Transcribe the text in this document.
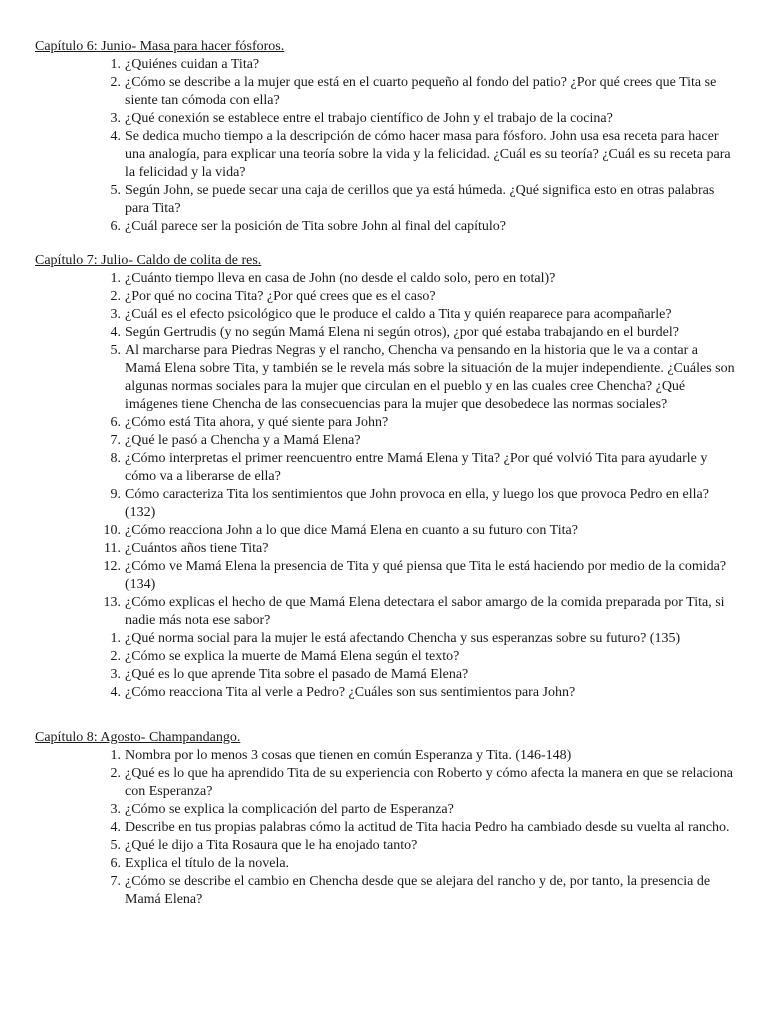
Capítulo 6: Junio- Masa para hacer fósforos.
1. ¿Quiénes cuidan a Tita?
2. ¿Cómo se describe a la mujer que está en el cuarto pequeño al fondo del patio? ¿Por qué crees que Tita se siente tan cómoda con ella?
3. ¿Qué conexión se establece entre el trabajo científico de John y el trabajo de la cocina?
4. Se dedica mucho tiempo a la descripción de cómo hacer masa para fósforo. John usa esa receta para hacer una analogía, para explicar una teoría sobre la vida y la felicidad. ¿Cuál es su teoría? ¿Cuál es su receta para la felicidad y la vida?
5. Según John, se puede secar una caja de cerillos que ya está húmeda. ¿Qué significa esto en otras palabras para Tita?
6. ¿Cuál parece ser la posición de Tita sobre John al final del capítulo?
Capítulo 7: Julio- Caldo de colita de res.
1. ¿Cuánto tiempo lleva en casa de John (no desde el caldo solo, pero en total)?
2. ¿Por qué no cocina Tita? ¿Por qué crees que es el caso?
3. ¿Cuál es el efecto psicológico que le produce el caldo a Tita y quién reaparece para acompañarle?
4. Según Gertrudis (y no según Mamá Elena ni según otros), ¿por qué estaba trabajando en el burdel?
5. Al marcharse para Piedras Negras y el rancho, Chencha va pensando en la historia que le va a contar a Mamá Elena sobre Tita, y también se le revela más sobre la situación de la mujer independiente. ¿Cuáles son algunas normas sociales para la mujer que circulan en el pueblo y en las cuales cree Chencha? ¿Qué imágenes tiene Chencha de las consecuencias para la mujer que desobedece las normas sociales?
6. ¿Cómo está Tita ahora, y qué siente para John?
7. ¿Qué le pasó a Chencha y a Mamá Elena?
8. ¿Cómo interpretas el primer reencuentro entre Mamá Elena y Tita? ¿Por qué volvió Tita para ayudarle y cómo va a liberarse de ella?
9. Cómo caracteriza Tita los sentimientos que John provoca en ella, y luego los que provoca Pedro en ella? (132)
10. ¿Cómo reacciona John a lo que dice Mamá Elena en cuanto a su futuro con Tita?
11. ¿Cuántos años tiene Tita?
12. ¿Cómo ve Mamá Elena la presencia de Tita y qué piensa que Tita le está haciendo por medio de la comida? (134)
13. ¿Cómo explicas el hecho de que Mamá Elena detectara el sabor amargo de la comida preparada por Tita, si nadie más nota ese sabor?
1. ¿Qué norma social para la mujer le está afectando Chencha y sus esperanzas sobre su futuro? (135)
2. ¿Cómo se explica la muerte de Mamá Elena según el texto?
3. ¿Qué es lo que aprende Tita sobre el pasado de Mamá Elena?
4. ¿Cómo reacciona Tita al verle a Pedro? ¿Cuáles son sus sentimientos para John?
Capítulo 8: Agosto- Champandango.
1. Nombra por lo menos 3 cosas que tienen en común Esperanza y Tita. (146-148)
2. ¿Qué es lo que ha aprendido Tita de su experiencia con Roberto y cómo afecta la manera en que se relaciona con Esperanza?
3. ¿Cómo se explica la complicación del parto de Esperanza?
4. Describe en tus propias palabras cómo la actitud de Tita hacia Pedro ha cambiado desde su vuelta al rancho.
5. ¿Qué le dijo a Tita Rosaura que le ha enojado tanto?
6. Explica el título de la novela.
7. ¿Cómo se describe el cambio en Chencha desde que se alejara del rancho y de, por tanto, la presencia de Mamá Elena?
